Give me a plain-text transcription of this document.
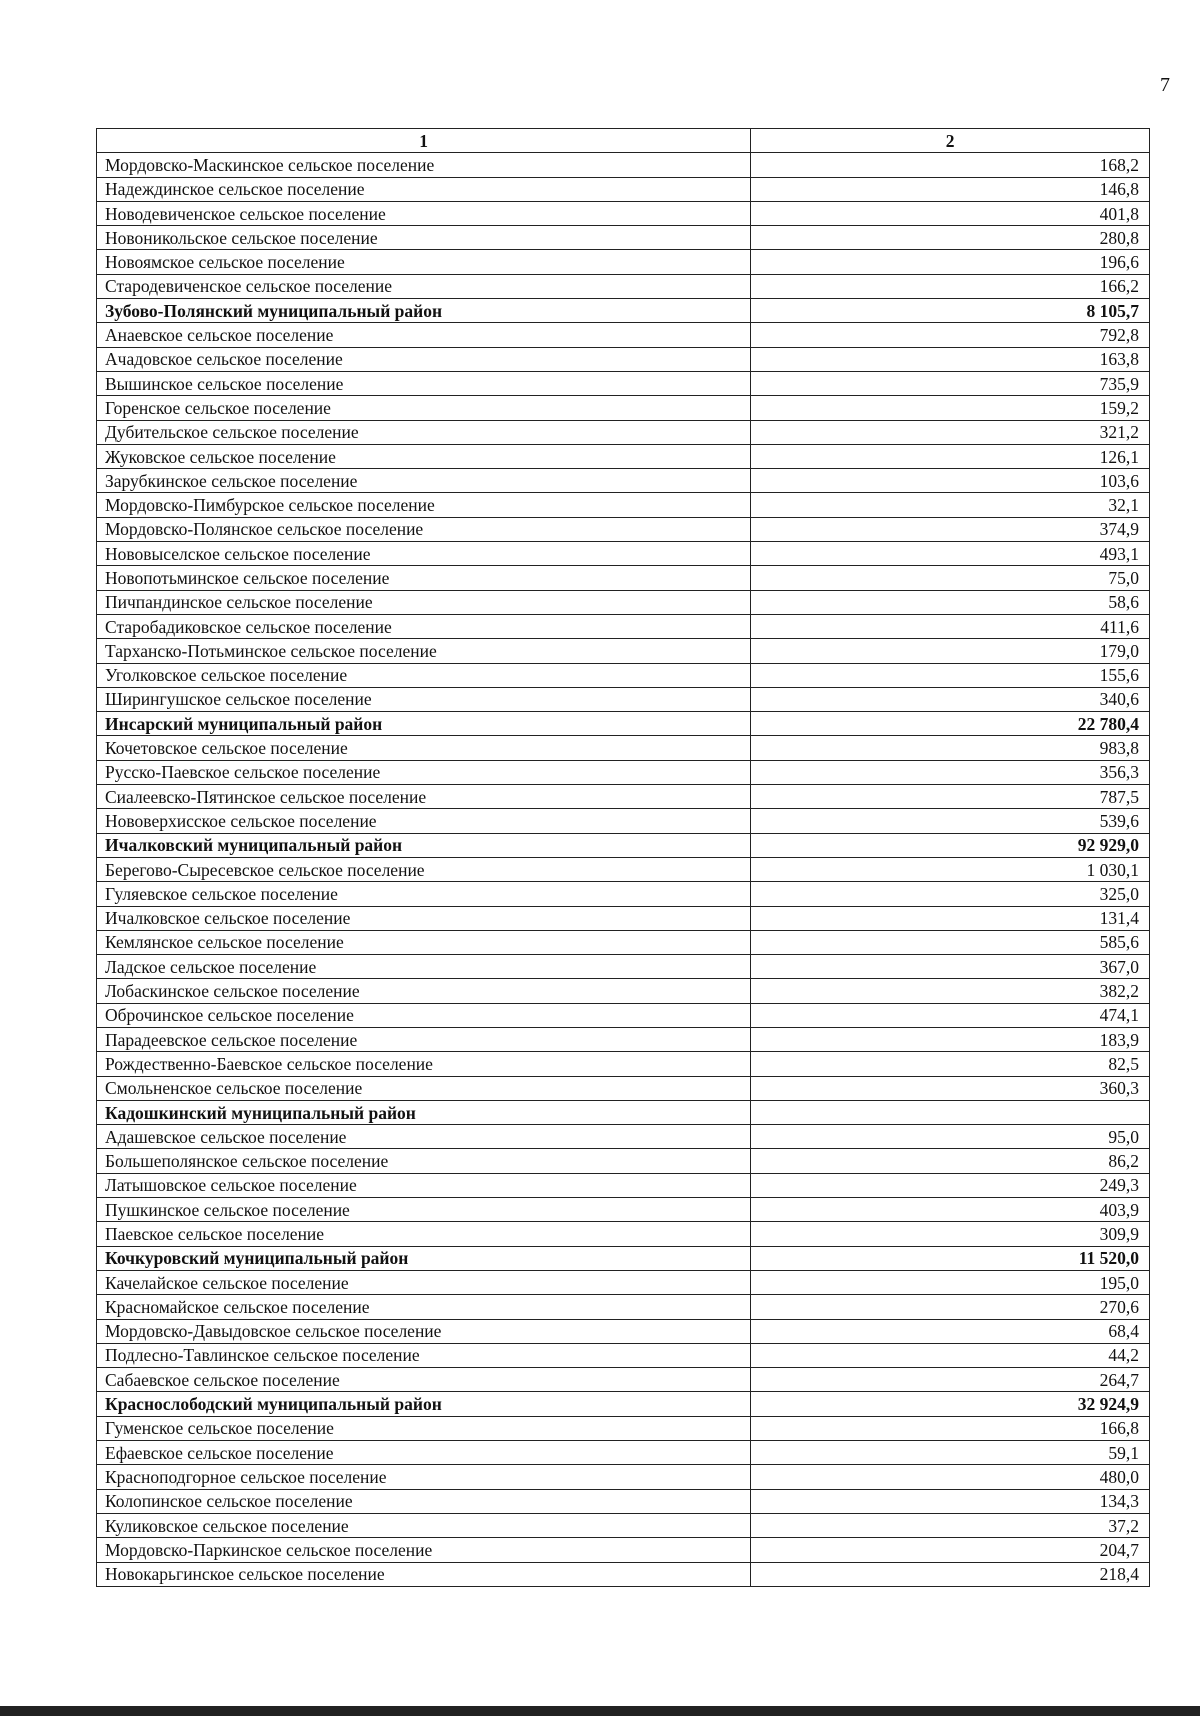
7
1	2
Мордовско-Маскинское сельское поселение	168,2
Надеждинское сельское поселение	146,8
Новодевиченское сельское поселение	401,8
Новоникольское сельское поселение	280,8
Новоямское сельское поселение	196,6
Стародевиченское сельское поселение	166,2
Зубово-Полянский муниципальный район	8 105,7
Анаевское сельское поселение	792,8
Ачадовское сельское поселение	163,8
Вышинское сельское поселение	735,9
Горенское сельское поселение	159,2
Дубительское сельское поселение	321,2
Жуковское сельское поселение	126,1
Зарубкинское сельское поселение	103,6
Мордовско-Пимбурское сельское поселение	32,1
Мордовско-Полянское сельское поселение	374,9
Нововыселское сельское поселение	493,1
Новопотьминское сельское поселение	75,0
Пичпандинское сельское поселение	58,6
Старобадиковское сельское поселение	411,6
Тарханско-Потьминское сельское поселение	179,0
Уголковское сельское поселение	155,6
Ширингушское сельское поселение	340,6
Инсарский муниципальный район	22 780,4
Кочетовское сельское поселение	983,8
Русско-Паевское сельское поселение	356,3
Сиалеевско-Пятинское сельское поселение	787,5
Нововерхисское сельское поселение	539,6
Ичалковский муниципальный район	92 929,0
Берегово-Сыресевское сельское поселение	1 030,1
Гуляевское сельское поселение	325,0
Ичалковское сельское поселение	131,4
Кемлянское сельское поселение	585,6
Ладское сельское поселение	367,0
Лобаскинское сельское поселение	382,2
Оброчинское сельское поселение	474,1
Парадеевское сельское поселение	183,9
Рождественно-Баевское сельское поселение	82,5
Смольненское сельское поселение	360,3
Кадошкинский муниципальный район	
Адашевское сельское поселение	95,0
Большеполянское сельское поселение	86,2
Латышовское сельское поселение	249,3
Пушкинское сельское поселение	403,9
Паевское сельское поселение	309,9
Кочкуровский муниципальный район	11 520,0
Качелайское сельское поселение	195,0
Красномайское сельское поселение	270,6
Мордовско-Давыдовское сельское поселение	68,4
Подлесно-Тавлинское сельское поселение	44,2
Сабаевское сельское поселение	264,7
Краснослободский муниципальный район	32 924,9
Гуменское сельское поселение	166,8
Ефаевское сельское поселение	59,1
Красноподгорное сельское поселение	480,0
Колопинское сельское поселение	134,3
Куликовское сельское поселение	37,2
Мордовско-Паркинское сельское поселение	204,7
Новокарьгинское сельское поселение	218,4
